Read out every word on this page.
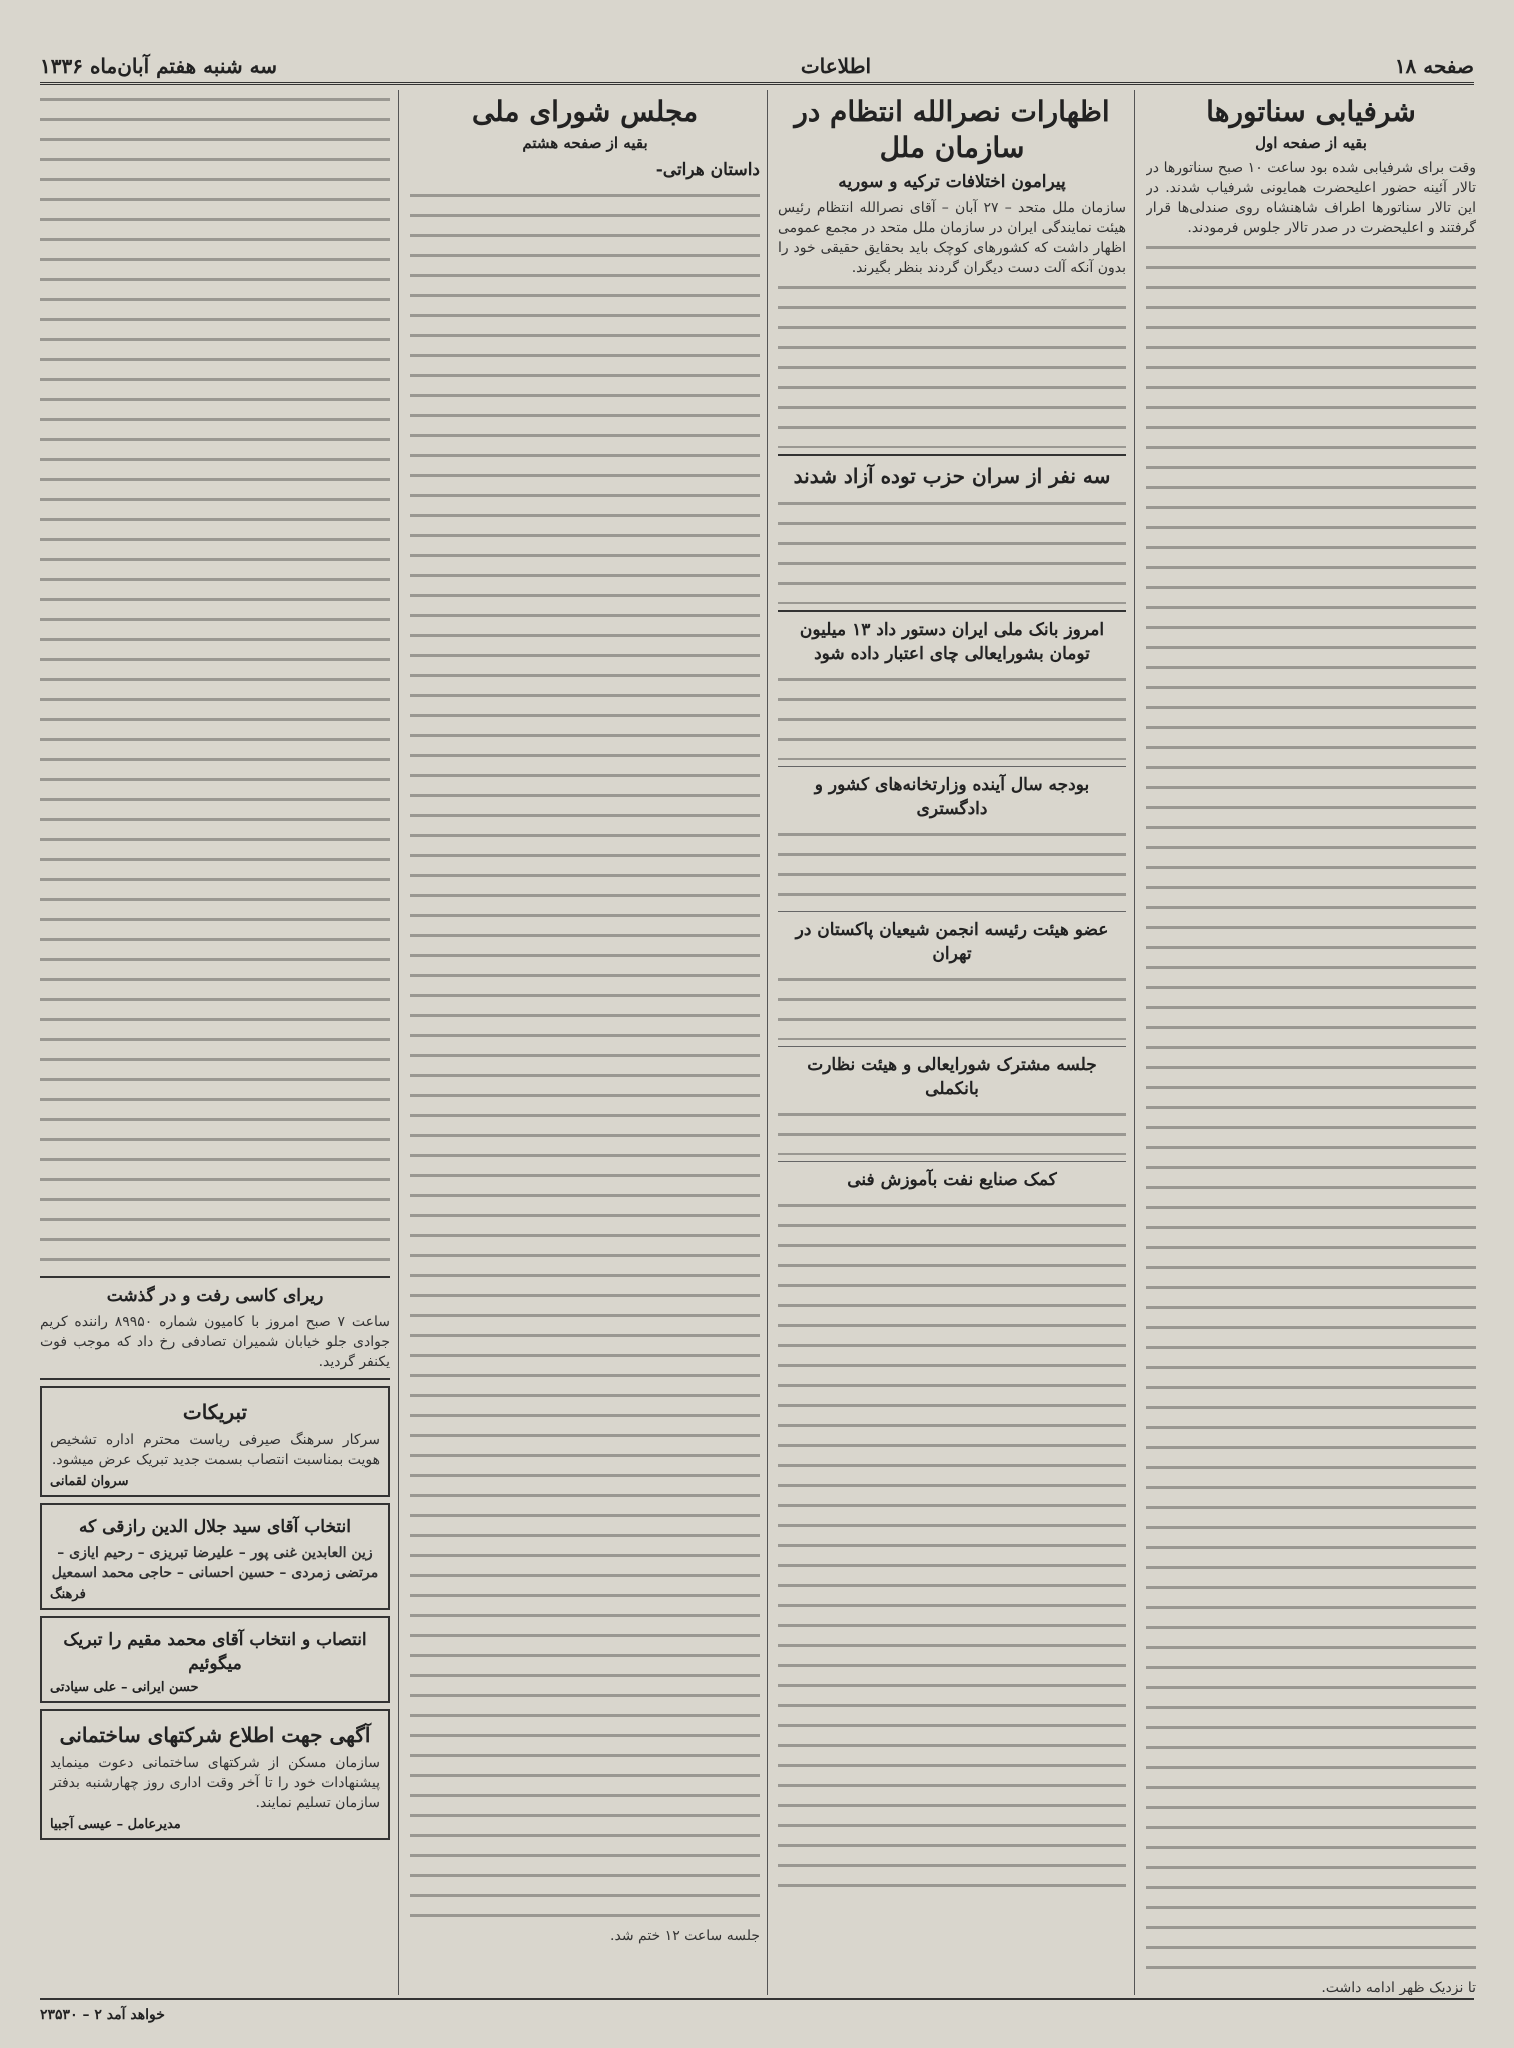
صفحه ۱۸
اطلاعات
سه شنبه هفتم آبان‌ماه ۱۳۳۶
شرفیابی سناتور‌ها
بقیه از صفحه اول

وقت برای شرفیابی شده بود ساعت ۱۰ صبح سناتور‌ها در تالار آئینه حضور اعلیحضرت همایونی شرفیاب شدند. در این تالار سناتور‌ها اطراف شاهنشاه روی صندلی‌ها قرار گرفتند و اعلیحضرت در صدر تالار جلوس فرمودند.

تا نزدیک ظهر ادامه داشت.

اظهارات نصرالله انتظام در سازمان ملل
پیرامون اختلافات ترکیه و سوریه

سازمان ملل متحد – ۲۷ آبان – آقای نصرالله انتظام رئیس هیئت نمایندگی ایران در سازمان ملل متحد در مجمع عمومی اظهار داشت که کشورهای کوچک باید بحقایق حقیقی خود را بدون آنکه آلت دست دیگران گردند بنظر بگیرند.

سه نفر از سران حزب توده آزاد شدند
امروز بانک ملی ایران دستور داد ۱۳ میلیون تومان بشورایعالی چای اعتبار داده شود
بودجه سال آینده وزارتخانه‌های کشور و دادگستری
عضو هیئت رئیسه انجمن شیعیان پاکستان در تهران
جلسه مشترک شورایعالی و هیئت نظارت بانکملی
کمک صنایع نفت بآموزش فنی
مجلس شورای ملی
بقیه از صفحه هشتم
داستان هراتی-

جلسه ساعت ۱۲ ختم شد.

ریرای کاسی رفت و در گذشت

ساعت ۷ صبح امروز با کامیون شماره ۸۹۹۵۰ راننده کریم جوادی جلو خیابان شمیران تصادفی رخ داد که موجب فوت یکنفر گردید.

تبریکات

سرکار سرهنگ صیرفی ریاست محترم اداره تشخیص هویت بمناسبت انتصاب بسمت جدید تبریک عرض میشود.

سروان لقمانی
انتخاب آقای سید جلال الدین رازقی که

زین العابدین غنی پور – علیرضا تبریزی – رحیم ایازی – مرتضی زمردی – حسین احسانی – حاجی محمد اسمعیل

فرهنگ
انتصاب و انتخاب آقای محمد مقیم را تبریک میگوئیم
حسن ایرانی – علی سیادتی
آگهی جهت اطلاع شرکتهای ساختمانی

سازمان مسکن از شرکتهای ساختمانی دعوت مینماید پیشنهادات خود را تا آخر وقت اداری روز چهارشنبه بدفتر سازمان تسلیم نمایند.

مدیرعامل – عیسی آجبیا
خواهد آمد ۲ – ۲۳۵۳۰
